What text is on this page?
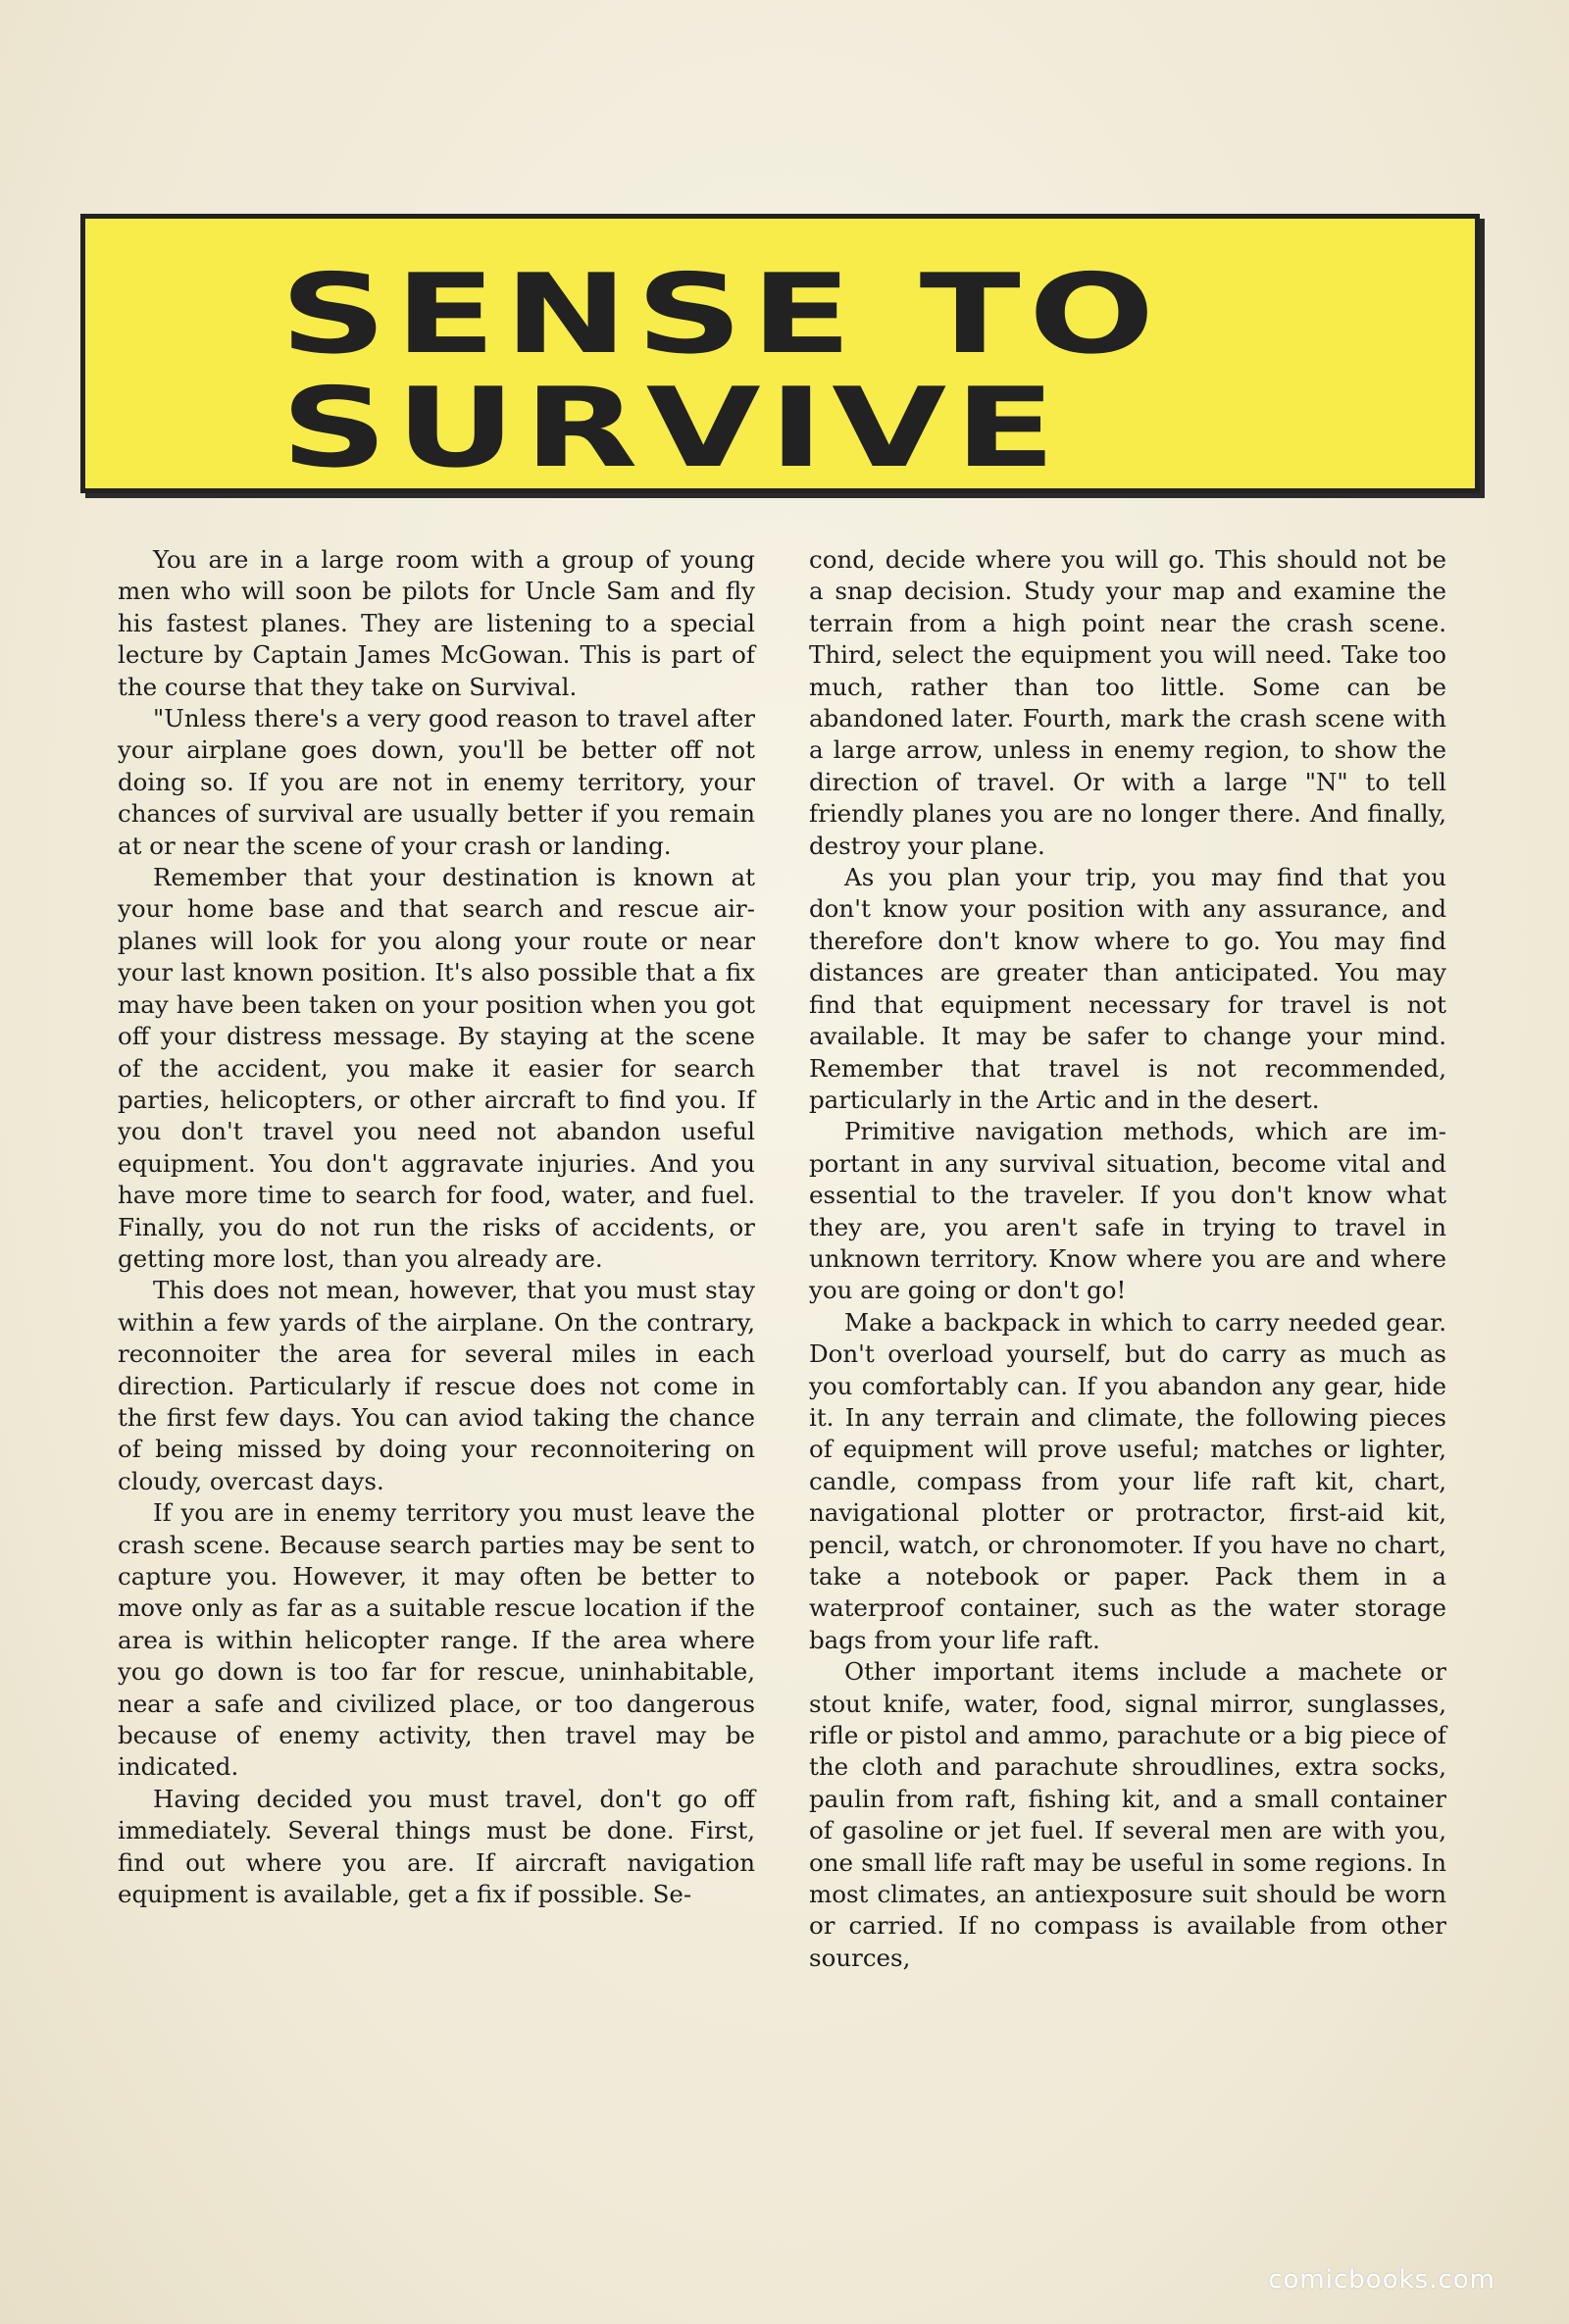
SENSE TO
SURVIVE

You are in a large room with a group of young men who will soon be pilots for Uncle Sam and fly his fastest planes. They are listening to a special lecture by Captain James McGowan. This is part of the course that they take on Survival.

"Unless there's a very good reason to travel after your airplane goes down, you'll be better off not doing so. If you are not in enemy territory, your chances of survival are usually better if you remain at or near the scene of your crash or landing.

Remember that your destination is known at your home base and that search and rescue airplanes will look for you along your route or near your last known position. It's also possible that a fix may have been taken on your position when you got off your distress message. By staying at the scene of the accident, you make it easier for search parties, helicopters, or other aircraft to find you. If you don't travel you need not abandon useful equipment. You don't aggravate injuries. And you have more time to search for food, water, and fuel. Finally, you do not run the risks of accidents, or getting more lost, than you already are.

This does not mean, however, that you must stay within a few yards of the airplane. On the contrary, reconnoiter the area for several miles in each direction. Particularly if rescue does not come in the first few days. You can aviod taking the chance of being missed by doing your reconnoitering on cloudy, overcast days.

If you are in enemy territory you must leave the crash scene. Because search parties may be sent to capture you. However, it may often be better to move only as far as a suitable rescue location if the area is within helicopter range. If the area where you go down is too far for rescue, uninhabitable, near a safe and civilized place, or too dangerous because of enemy activity, then travel may be indicated.

Having decided you must travel, don't go off immediately. Several things must be done. First, find out where you are. If aircraft navigation equipment is available, get a fix if possible. Se-

cond, decide where you will go. This should not be a snap decision. Study your map and examine the terrain from a high point near the crash scene. Third, select the equipment you will need. Take too much, rather than too little. Some can be abandoned later. Fourth, mark the crash scene with a large arrow, unless in enemy region, to show the direction of travel. Or with a large "N" to tell friendly planes you are no longer there. And finally, destroy your plane.

As you plan your trip, you may find that you don't know your position with any assurance, and therefore don't know where to go. You may find distances are greater than anticipated. You may find that equipment necessary for travel is not available. It may be safer to change your mind. Remember that travel is not recommended, particularly in the Artic and in the desert.

Primitive navigation methods, which are important in any survival situation, become vital and essential to the traveler. If you don't know what they are, you aren't safe in trying to travel in unknown territory. Know where you are and where you are going or don't go!

Make a backpack in which to carry needed gear. Don't overload yourself, but do carry as much as you comfortably can. If you abandon any gear, hide it. In any terrain and climate, the following pieces of equipment will prove useful; matches or lighter, candle, compass from your life raft kit, chart, navigational plotter or protractor, first-aid kit, pencil, watch, or chronomoter. If you have no chart, take a notebook or paper. Pack them in a waterproof container, such as the water storage bags from your life raft.

Other important items include a machete or stout knife, water, food, signal mirror, sunglasses, rifle or pistol and ammo, parachute or a big piece of the cloth and parachute shroudlines, extra socks, paulin from raft, fishing kit, and a small container of gasoline or jet fuel. If several men are with you, one small life raft may be useful in some regions. In most climates, an antiexposure suit should be worn or carried. If no compass is available from other sources,

comicbooks.com
